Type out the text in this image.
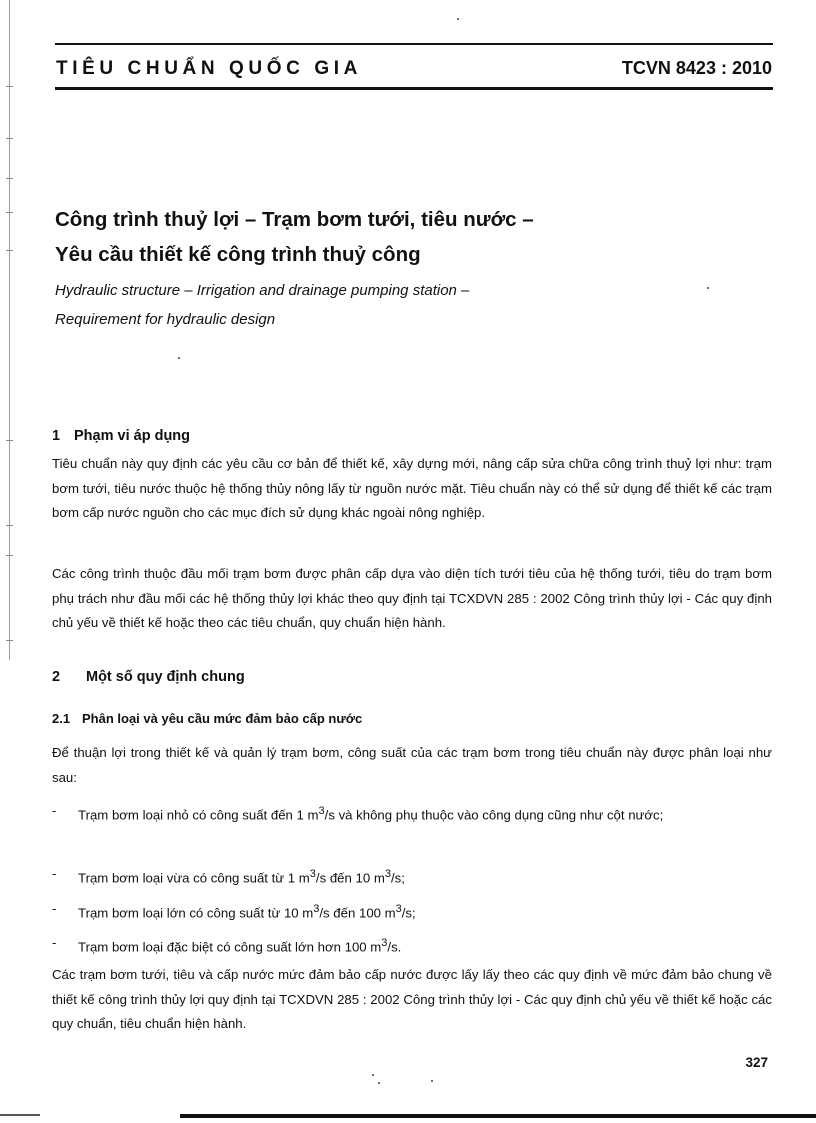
TIÊU CHUẨN QUỐC GIA	TCVN 8423 : 2010
Công trình thuỷ lợi – Trạm bơm tưới, tiêu nước –
Yêu cầu thiết kế công trình thuỷ công
Hydraulic structure – Irrigation and drainage pumping station –
Requirement for hydraulic design
1 Phạm vi áp dụng
Tiêu chuẩn này quy định các yêu cầu cơ bản để thiết kế, xây dựng mới, nâng cấp sửa chữa công trình thuỷ lợi như: trạm bơm tưới, tiêu nước thuộc hệ thống thủy nông lấy từ nguồn nước mặt. Tiêu chuẩn này có thể sử dụng để thiết kế các trạm bơm cấp nước nguồn cho các mục đích sử dụng khác ngoài nông nghiệp.
Các công trình thuộc đầu mối trạm bơm được phân cấp dựa vào diện tích tưới tiêu của hệ thống tưới, tiêu do trạm bơm phụ trách như đầu mối các hệ thống thủy lợi khác theo quy định tại TCXDVN 285 : 2002 Công trình thủy lợi - Các quy định chủ yếu về thiết kế hoặc theo các tiêu chuẩn, quy chuẩn hiện hành.
2 Một số quy định chung
2.1 Phân loại và yêu cầu mức đảm bảo cấp nước
Để thuận lợi trong thiết kế và quản lý trạm bơm, công suất của các trạm bơm trong tiêu chuẩn này được phân loại như sau:
- Trạm bơm loại nhỏ có công suất đến 1 $m^3/s$ và không phụ thuộc vào công dụng cũng như cột nước;
- Trạm bơm loại vừa có công suất từ 1 $m^3/s$ đến 10 $m^3/s$;
- Trạm bơm loại lớn có công suất từ 10 $m^3/s$ đến 100 $m^3/s$;
- Trạm bơm loại đặc biệt có công suất lớn hơn 100 $m^3/s$.
Các trạm bơm tưới, tiêu và cấp nước mức đảm bảo cấp nước được lấy lấy theo các quy định về mức đảm bảo chung về thiết kế công trình thủy lợi quy định tại TCXDVN 285 : 2002 Công trình thủy lợi - Các quy định chủ yếu về thiết kế hoặc các quy chuẩn, tiêu chuẩn hiện hành.
327
